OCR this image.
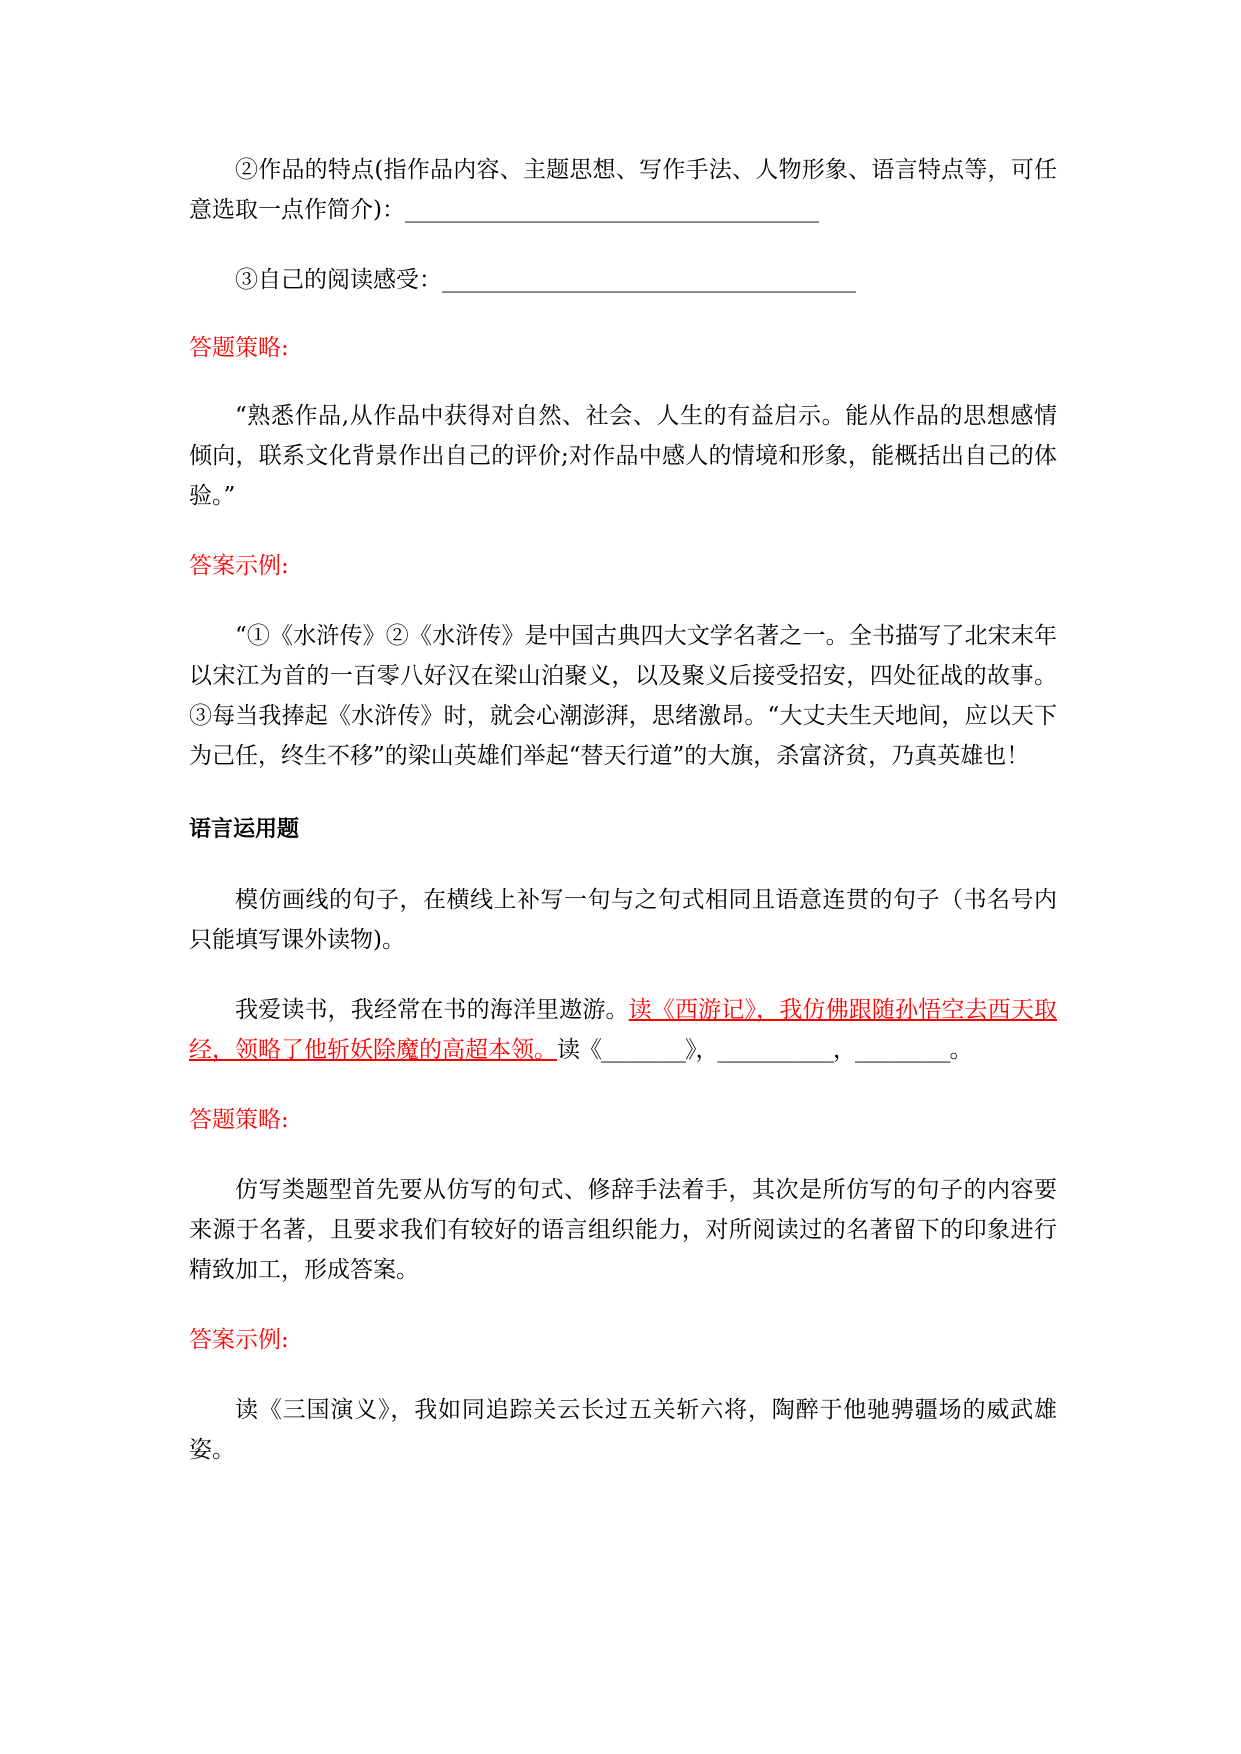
②作品的特点(指作品内容、主题思想、写作手法、人物形象、语言特点等，可任意选取一点作简介)：____________________________________

③自己的阅读感受：____________________________________

答题策略:

“熟悉作品,从作品中获得对自然、社会、人生的有益启示。能从作品的思想感情倾向，联系文化背景作出自己的评价;对作品中感人的情境和形象，能概括出自己的体验。”

答案示例:

“①《水浒传》②《水浒传》是中国古典四大文学名著之一。全书描写了北宋末年以宋江为首的一百零八好汉在梁山泊聚义，以及聚义后接受招安，四处征战的故事。③每当我捧起《水浒传》时，就会心潮澎湃，思绪激昂。“大丈夫生天地间，应以天下为己任，终生不移”的梁山英雄们举起“替天行道”的大旗，杀富济贫，乃真英雄也！

语言运用题

模仿画线的句子，在横线上补写一句与之句式相同且语意连贯的句子（书名号内只能填写课外读物)。

我爱读书，我经常在书的海洋里遨游。读《西游记》，我仿佛跟随孙悟空去西天取经，领略了他斩妖除魔的高超本领。读《________》，___________，_________。

答题策略:

仿写类题型首先要从仿写的句式、修辞手法着手，其次是所仿写的句子的内容要来源于名著，且要求我们有较好的语言组织能力，对所阅读过的名著留下的印象进行精致加工，形成答案。

答案示例:

读《三国演义》，我如同追踪关云长过五关斩六将，陶醉于他驰骋疆场的威武雄姿。
